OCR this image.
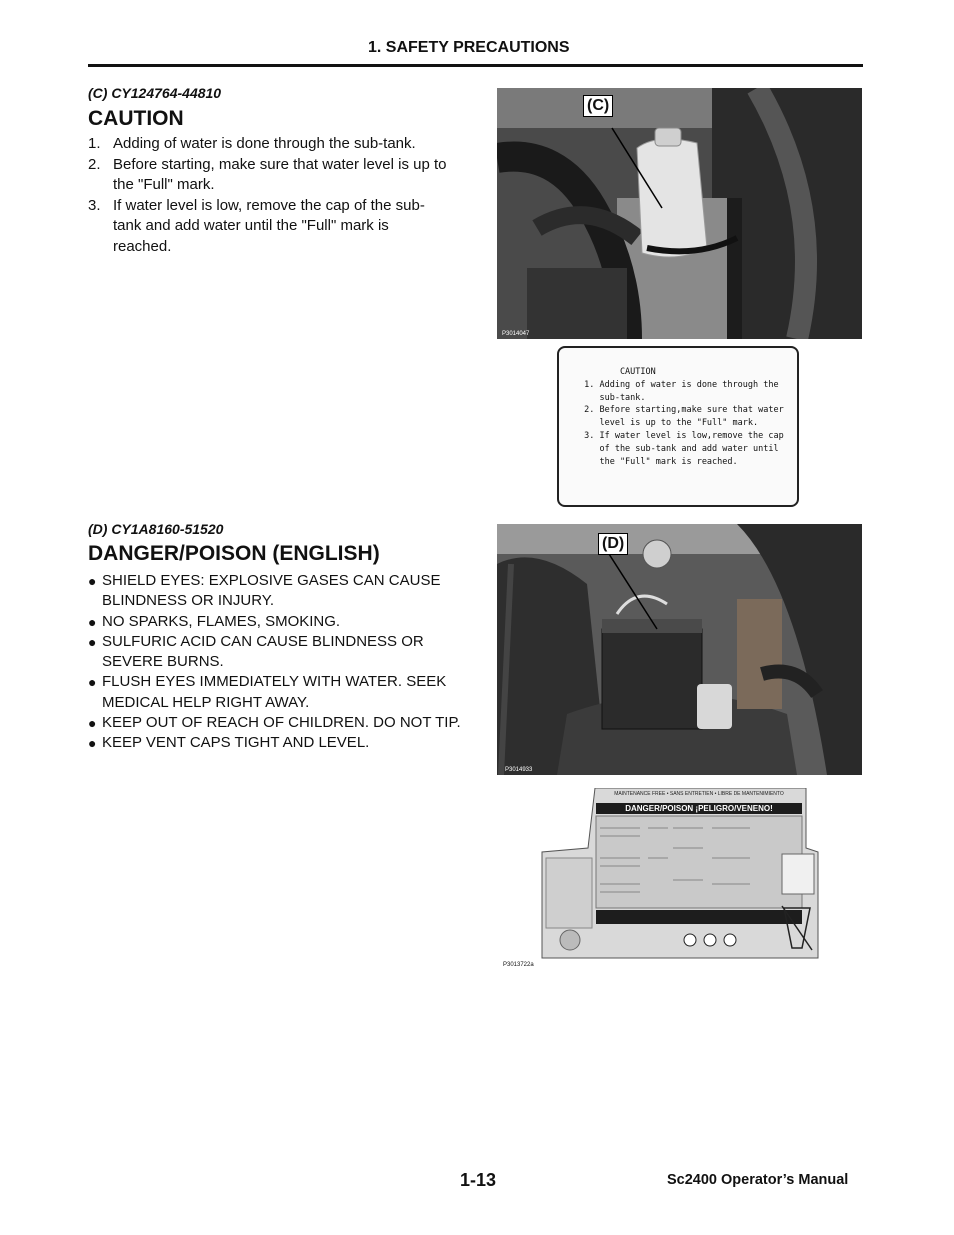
1. SAFETY PRECAUTIONS
(C) CY124764-44810
CAUTION
1. Adding of water is done through the sub-tank.
2. Before starting, make sure that water level is up to the "Full" mark.
3. If water level is low, remove the cap of the sub-tank and add water until the "Full" mark is reached.
(C)
P3014047
CAUTION
1. Adding of water is done through the
sub-tank.
2. Before starting,make sure that water
level is up to the "Full" mark.
3. If water level is low,remove the cap
of the sub-tank and add water until
the "Full" mark is reached.
(D) CY1A8160-51520
DANGER/POISON (ENGLISH)
● SHIELD EYES: EXPLOSIVE GASES CAN CAUSE BLINDNESS OR INJURY.
● NO SPARKS, FLAMES, SMOKING.
● SULFURIC ACID CAN CAUSE BLINDNESS OR SEVERE BURNS.
● FLUSH EYES IMMEDIATELY WITH WATER. SEEK MEDICAL HELP RIGHT AWAY.
● KEEP OUT OF REACH OF CHILDREN. DO NOT TIP.
● KEEP VENT CAPS TIGHT AND LEVEL.
(D)
P3014933
MAINTENANCE FREE • SANS ENTRETIEN • LIBRE DE MANTENIMIENTO
DANGER/POISON ¡PELIGRO/VENENO!
P3013722a
1-13	Sc2400 Operator’s Manual
